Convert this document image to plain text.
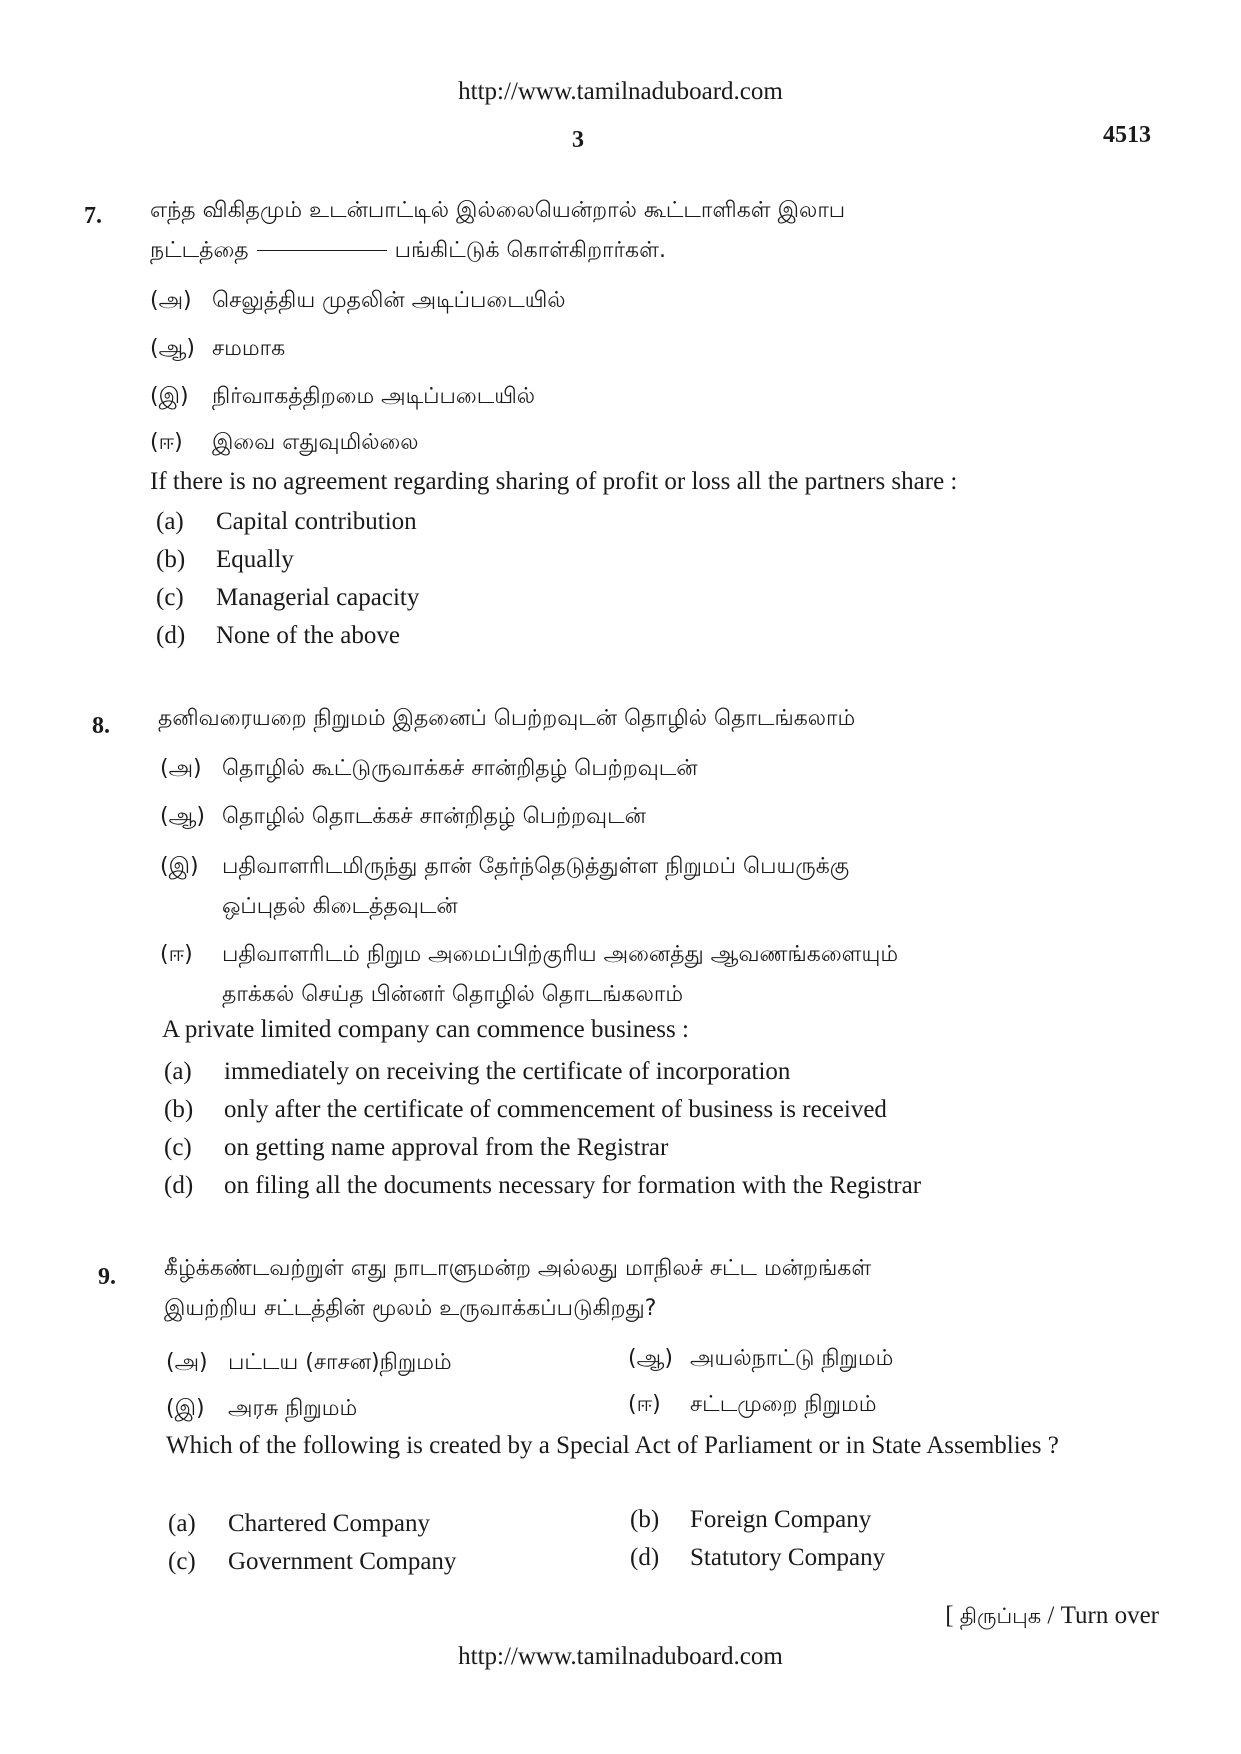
http://www.tamilnaduboard.com
3	4513
7. எந்த விகிதமும் உடன்பாட்டில் இல்லையென்றால் கூட்டாளிகள் இலாப
நட்டத்தை	பங்கிட்டுக் கொள்கிறார்கள்.
(அ) செலுத்திய முதலின் அடிப்படையில்
(ஆ) சமமாக
(இ) நிர்வாகத்திறமை அடிப்படையில்
(ஈ) இவை எதுவுமில்லை
If there is no agreement regarding sharing of profit or loss all the partners share :
(a) Capital contribution
(b) Equally
(c) Managerial capacity
(d) None of the above
8. தனிவரையறை நிறுமம் இதனைப் பெற்றவுடன் தொழில் தொடங்கலாம்
(அ) தொழில் கூட்டுருவாக்கச் சான்றிதழ் பெற்றவுடன்
(ஆ) தொழில் தொடக்கச் சான்றிதழ் பெற்றவுடன்
(இ) பதிவாளரிடமிருந்து தான் தேர்ந்தெடுத்துள்ள நிறுமப் பெயருக்கு
ஒப்புதல் கிடைத்தவுடன்
(ஈ) பதிவாளரிடம் நிறும அமைப்பிற்குரிய அனைத்து ஆவணங்களையும்
தாக்கல் செய்த பின்னர் தொழில் தொடங்கலாம்
A private limited company can commence business :
(a) immediately on receiving the certificate of incorporation
(b) only after the certificate of commencement of business is received
(c) on getting name approval from the Registrar
(d) on filing all the documents necessary for formation with the Registrar
9. கீழ்க்கண்டவற்றுள் எது நாடாளுமன்ற அல்லது மாநிலச் சட்ட மன்றங்கள்
இயற்றிய சட்டத்தின் மூலம் உருவாக்கப்படுகிறது?
(அ) பட்டய (சாசன)நிறுமம்	(ஆ) அயல்நாட்டு நிறுமம்
(இ) அரசு நிறுமம்	(ஈ) சட்டமுறை நிறுமம்
Which of the following is created by a Special Act of Parliament or in State Assemblies ?
(a) Chartered Company	(b) Foreign Company
(c) Government Company	(d) Statutory Company
[ திருப்புக / Turn over
http://www.tamilnaduboard.com
